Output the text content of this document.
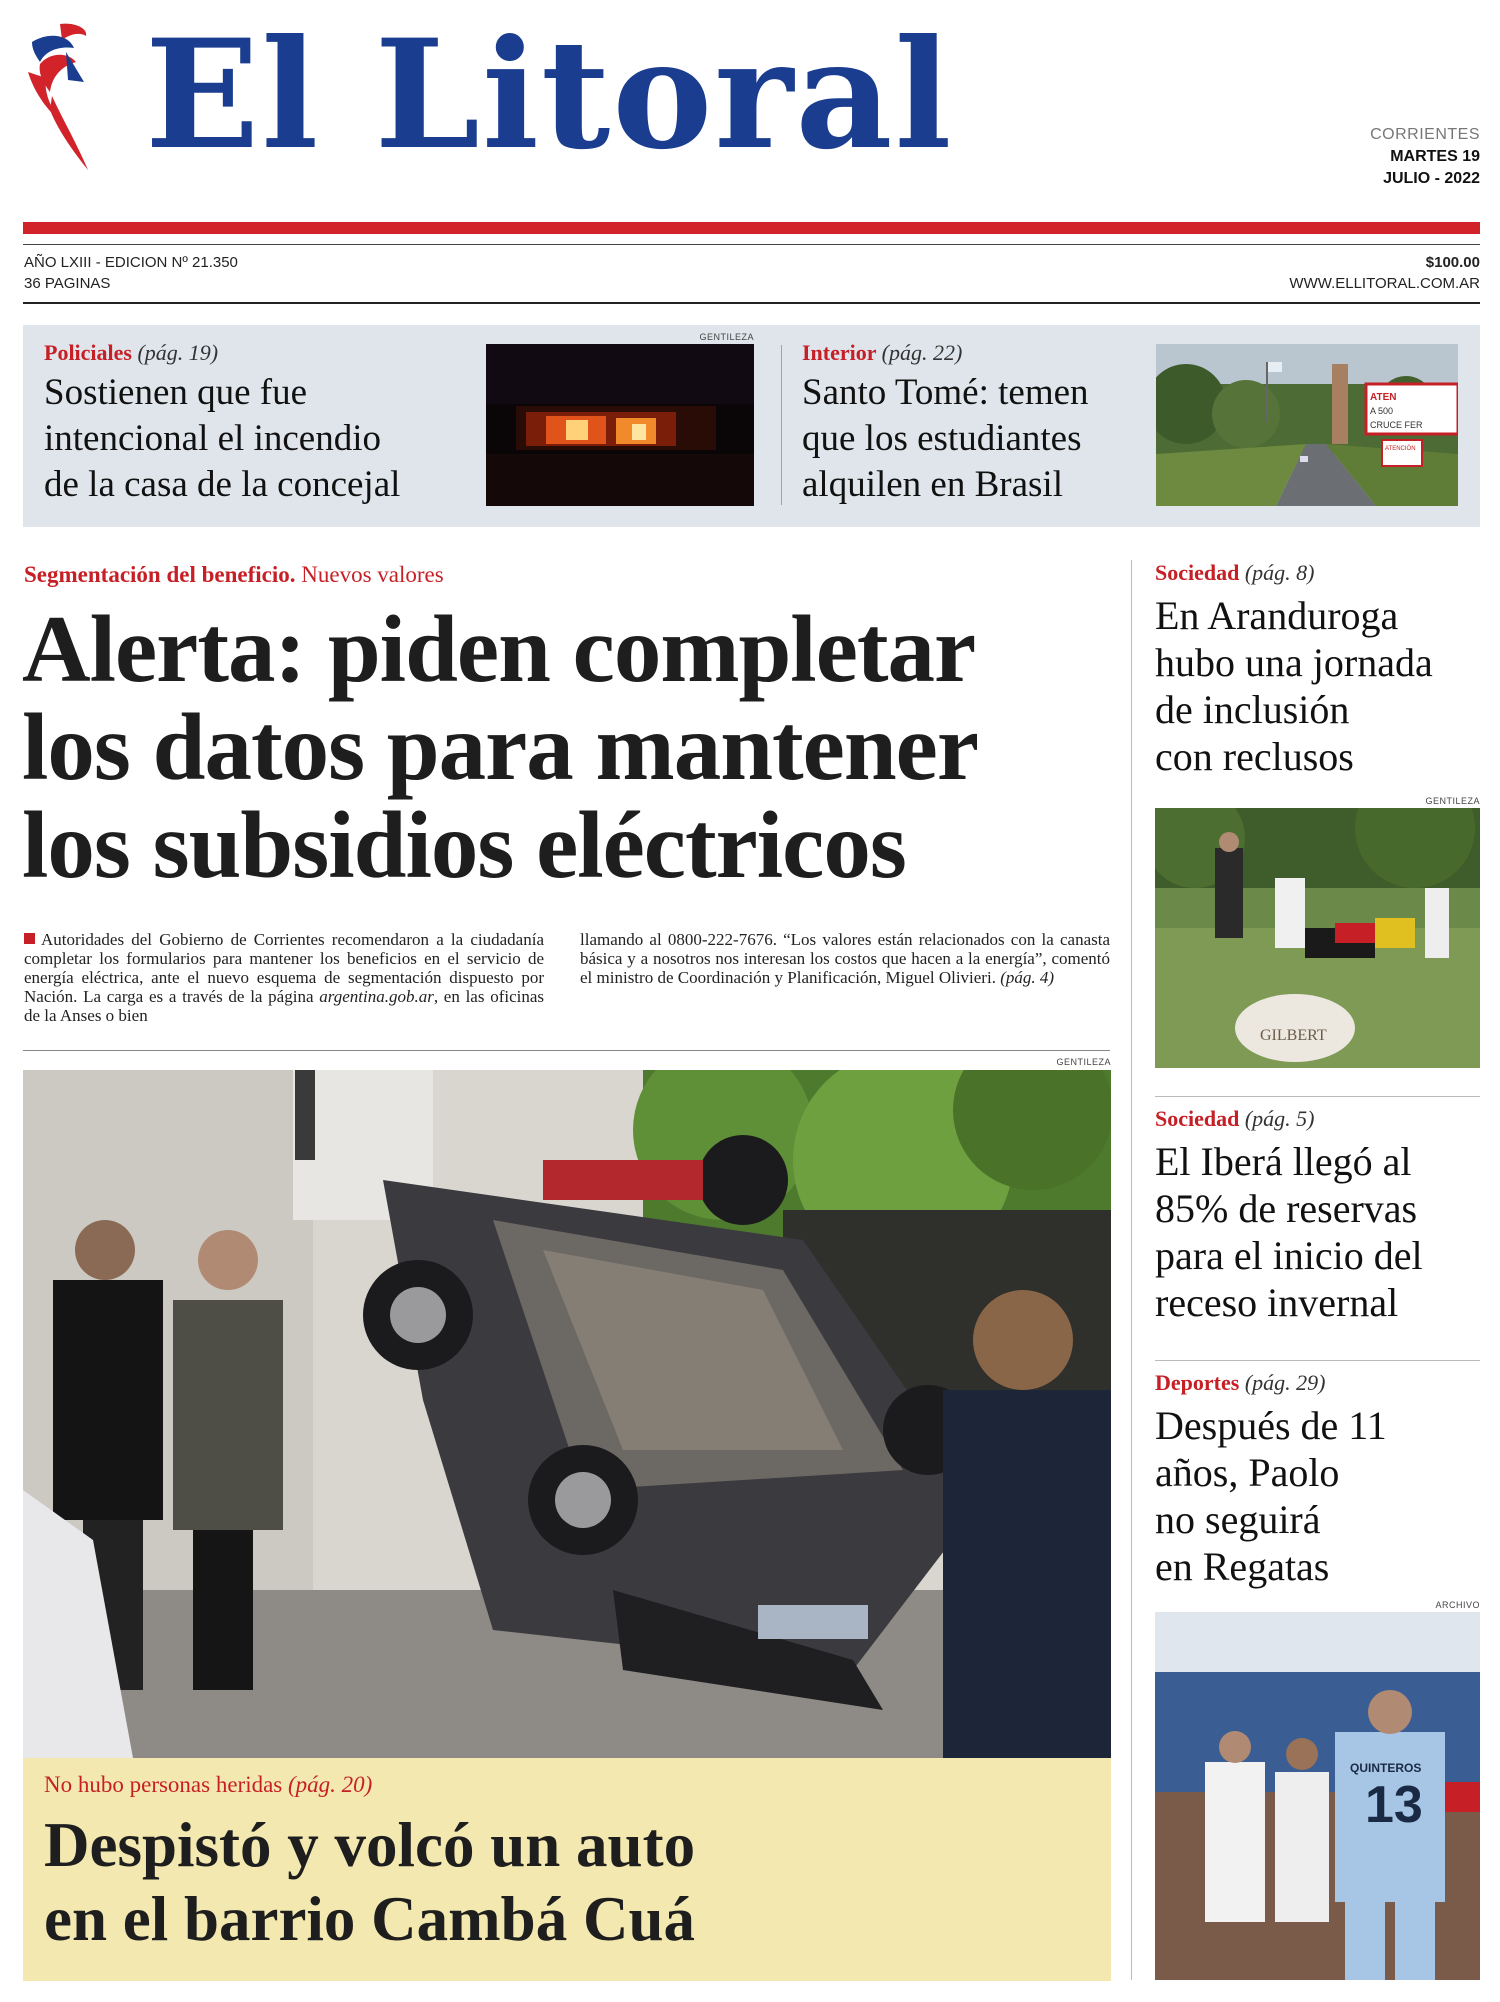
El Litoral	CORRIENTES
MARTES 19
JULIO - 2022
AÑO LXIII - EDICION Nº 21.350
36 PAGINAS
$100.00
WWW.ELLITORAL.COM.AR
Policiales (pág. 19)
Sostienen que fue
intencional el incendio
de la casa de la concejal
GENTILEZA
Interior (pág. 22)
Santo Tomé: temen
que los estudiantes
alquilen en Brasil
ATEN
A 500
CRUCE FER
ATENCIÓN
Segmentación del beneficio. Nuevos valores
Alerta: piden completar
los datos para mantener
los subsidios eléctricos
Autoridades del Gobierno de Corrientes recomendaron a la ciudadanía completar los formularios para mantener los beneficios en el servicio de energía eléctrica, ante el nuevo esquema de segmentación dispuesto por Nación. La carga es a través de la página argentina.gob.ar, en las oficinas de la Anses o bien
llamando al 0800-222-7676. “Los valores están relacionados con la canasta básica y a nosotros nos interesan los costos que hacen a la energía”, comentó el ministro de Coordinación y Planificación, Miguel Olivieri. (pág. 4)
GENTILEZA
No hubo personas heridas (pág. 20)
Despistó y volcó un auto
en el barrio Cambá Cuá
Sociedad (pág. 8)
En Aranduroga
hubo una jornada
de inclusión
con reclusos
GENTILEZA
GILBERT
Sociedad (pág. 5)
El Iberá llegó al
85% de reservas
para el inicio del
receso invernal
Deportes (pág. 29)
Después de 11
años, Paolo
no seguirá
en Regatas
ARCHIVO
QUINTEROS
13
